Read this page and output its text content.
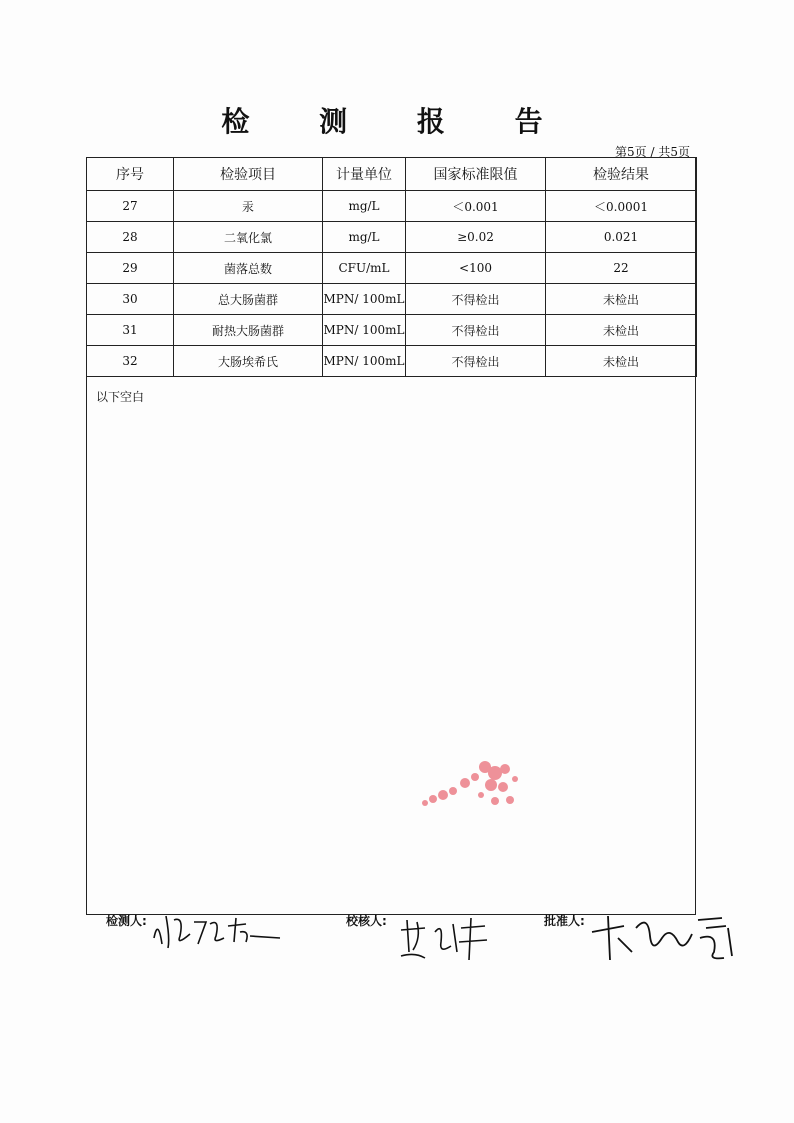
检 测 报 告
第5页 / 共5页
序号	检验项目	计量单位	国家标准限值	检验结果
27	汞	mg/L	＜0.001	＜0.0001
28	二氧化氯	mg/L	≥0.02	0.021
29	菌落总数	CFU/mL	<100	22
30	总大肠菌群	MPN/ 100mL	不得检出	未检出
31	耐热大肠菌群	MPN/ 100mL	不得检出	未检出
32	大肠埃希氏	MPN/ 100mL	不得检出	未检出
以下空白
检测人:	校核人:	批准人:
